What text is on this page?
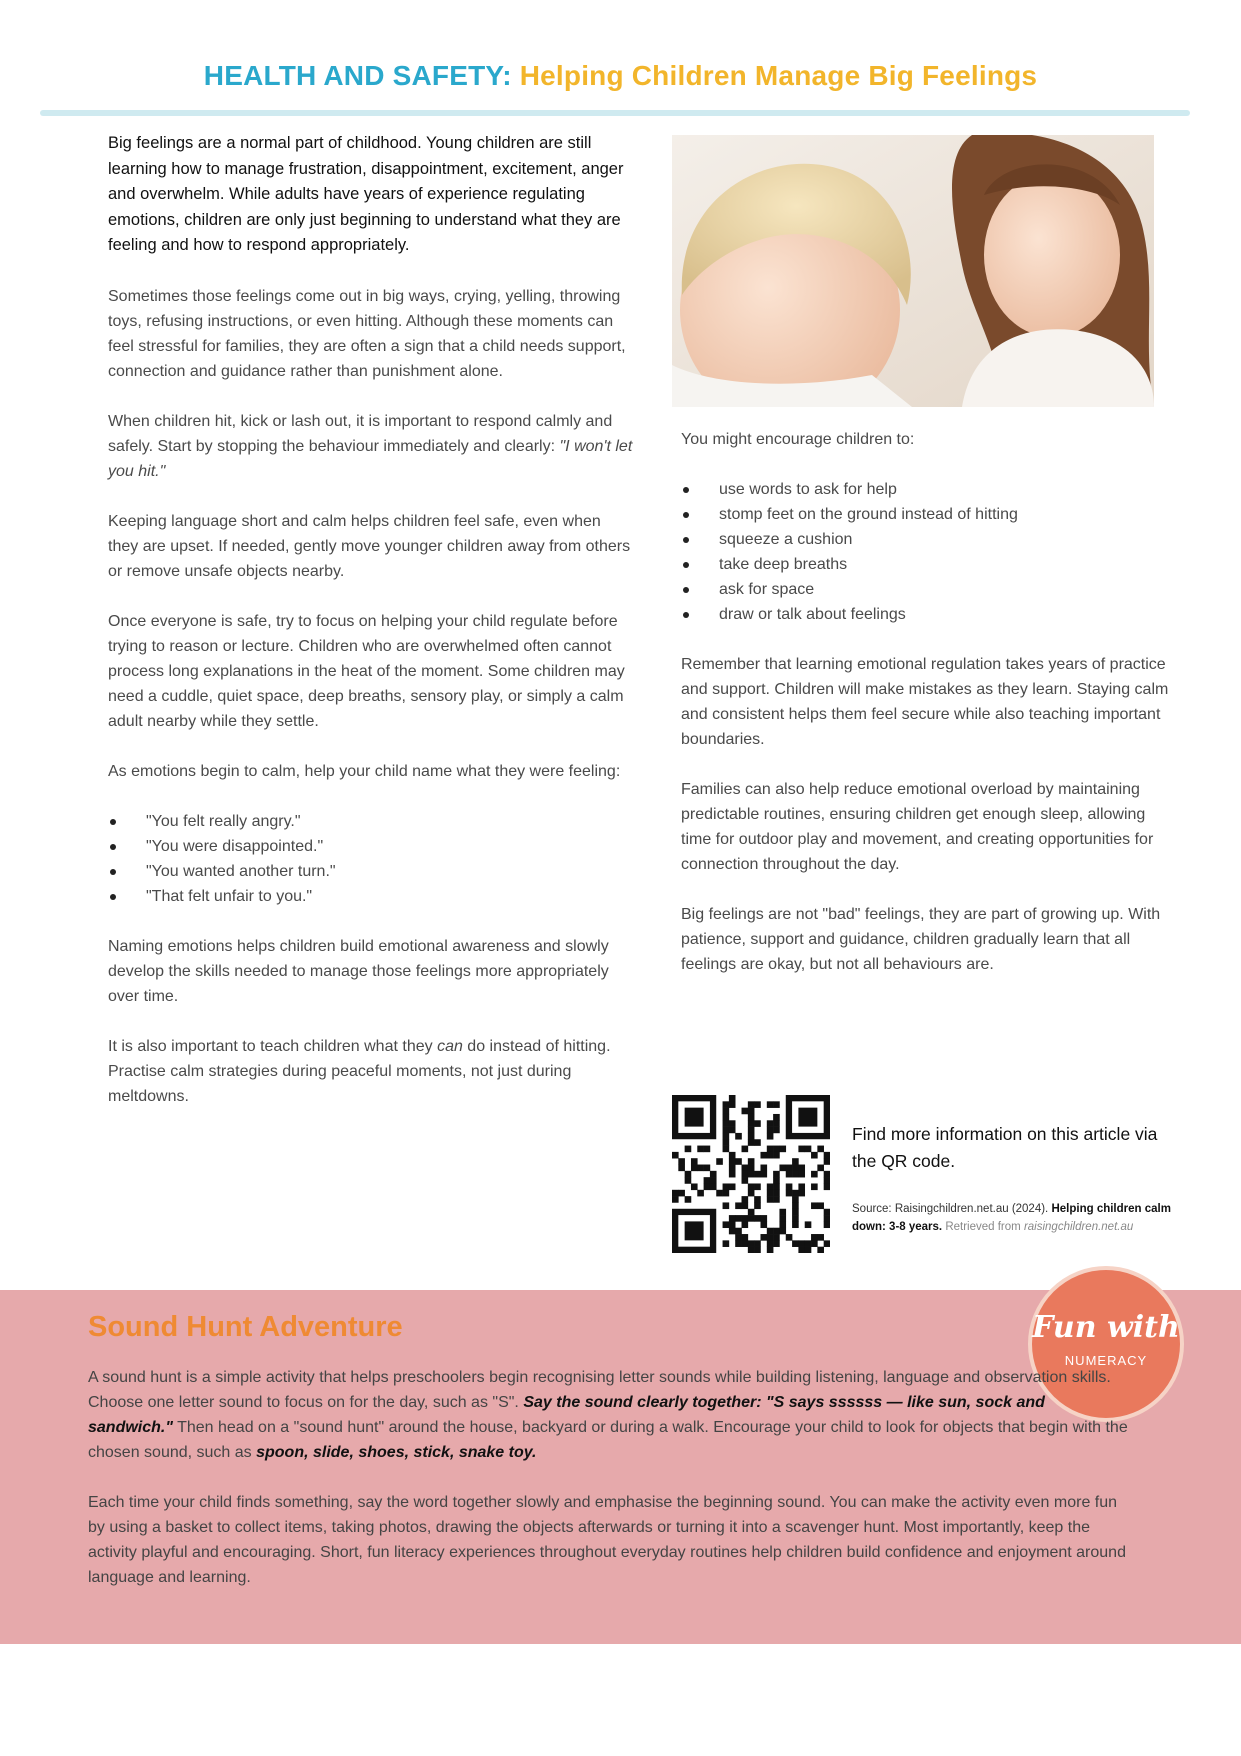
HEALTH AND SAFETY: Helping Children Manage Big Feelings

Big feelings are a normal part of childhood. Young children are still learning how to manage frustration, disappointment, excitement, anger and overwhelm. While adults have years of experience regulating emotions, children are only just beginning to understand what they are feeling and how to respond appropriately.

Sometimes those feelings come out in big ways, crying, yelling, throwing toys, refusing instructions, or even hitting. Although these moments can feel stressful for families, they are often a sign that a child needs support, connection and guidance rather than punishment alone.

When children hit, kick or lash out, it is important to respond calmly and safely. Start by stopping the behaviour immediately and clearly: "I won't let you hit."

Keeping language short and calm helps children feel safe, even when they are upset. If needed, gently move younger children away from others or remove unsafe objects nearby.

Once everyone is safe, try to focus on helping your child regulate before trying to reason or lecture. Children who are overwhelmed often cannot process long explanations in the heat of the moment. Some children may need a cuddle, quiet space, deep breaths, sensory play, or simply a calm adult nearby while they settle.

As emotions begin to calm, help your child name what they were feeling:

"You felt really angry."
"You were disappointed."
"You wanted another turn."
"That felt unfair to you."

Naming emotions helps children build emotional awareness and slowly develop the skills needed to manage those feelings more appropriately over time.

It is also important to teach children what they can do instead of hitting. Practise calm strategies during peaceful moments, not just during meltdowns.

You might encourage children to:

use words to ask for help
stomp feet on the ground instead of hitting
squeeze a cushion
take deep breaths
ask for space
draw or talk about feelings

Remember that learning emotional regulation takes years of practice and support. Children will make mistakes as they learn. Staying calm and consistent helps them feel secure while also teaching important boundaries.

Families can also help reduce emotional overload by maintaining predictable routines, ensuring children get enough sleep, allowing time for outdoor play and movement, and creating opportunities for connection throughout the day.

Big feelings are not "bad" feelings, they are part of growing up. With patience, support and guidance, children gradually learn that all feelings are okay, but not all behaviours are.

Find more information on this article via the QR code.
Source: Raisingchildren.net.au (2024). Helping children calm down: 3-8 years. Retrieved from raisingchildren.net.au
Sound Hunt Adventure	Fun with
NUMERACY

A sound hunt is a simple activity that helps preschoolers begin recognising letter sounds while building listening, language and observation skills. Choose one letter sound to focus on for the day, such as "S". Say the sound clearly together: "S says ssssss — like sun, sock and sandwich." Then head on a "sound hunt" around the house, backyard or during a walk. Encourage your child to look for objects that begin with the chosen sound, such as spoon, slide, shoes, stick, snake toy.

Each time your child finds something, say the word together slowly and emphasise the beginning sound. You can make the activity even more fun by using a basket to collect items, taking photos, drawing the objects afterwards or turning it into a scavenger hunt. Most importantly, keep the activity playful and encouraging. Short, fun literacy experiences throughout everyday routines help children build confidence and enjoyment around language and learning.
